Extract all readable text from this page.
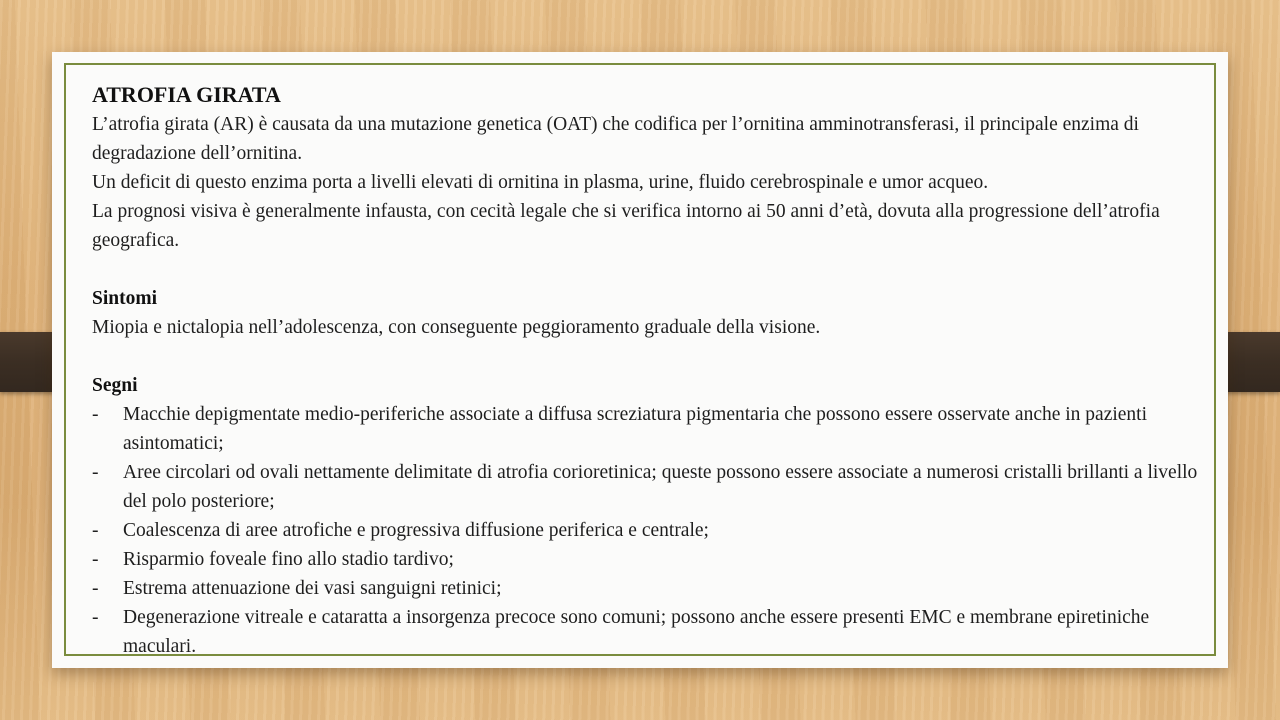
ATROFIA GIRATA

L’atrofia girata (AR) è causata da una mutazione genetica (OAT) che codifica per l’ornitina amminotransferasi, il principale enzima di degradazione dell’ornitina.

Un deficit di questo enzima porta a livelli elevati di ornitina in plasma, urine, fluido cerebrospinale e umor acqueo.

La prognosi visiva è generalmente infausta, con cecità legale che si verifica intorno ai 50 anni d’età, dovuta alla progressione dell’atrofia geografica.

Sintomi

Miopia e nictalopia nell’adolescenza, con conseguente peggioramento graduale della visione.

Segni

- Macchie depigmentate medio-periferiche associate a diffusa screziatura pigmentaria che possono essere osservate anche in pazienti asintomatici;
- Aree circolari od ovali nettamente delimitate di atrofia corioretinica; queste possono essere associate a numerosi cristalli brillanti a livello del polo posteriore;
- Coalescenza di aree atrofiche e progressiva diffusione periferica e centrale;
- Risparmio foveale fino allo stadio tardivo;
- Estrema attenuazione dei vasi sanguigni retinici;
- Degenerazione vitreale e cataratta a insorgenza precoce sono comuni; possono anche essere presenti EMC e membrane epiretiniche maculari.
